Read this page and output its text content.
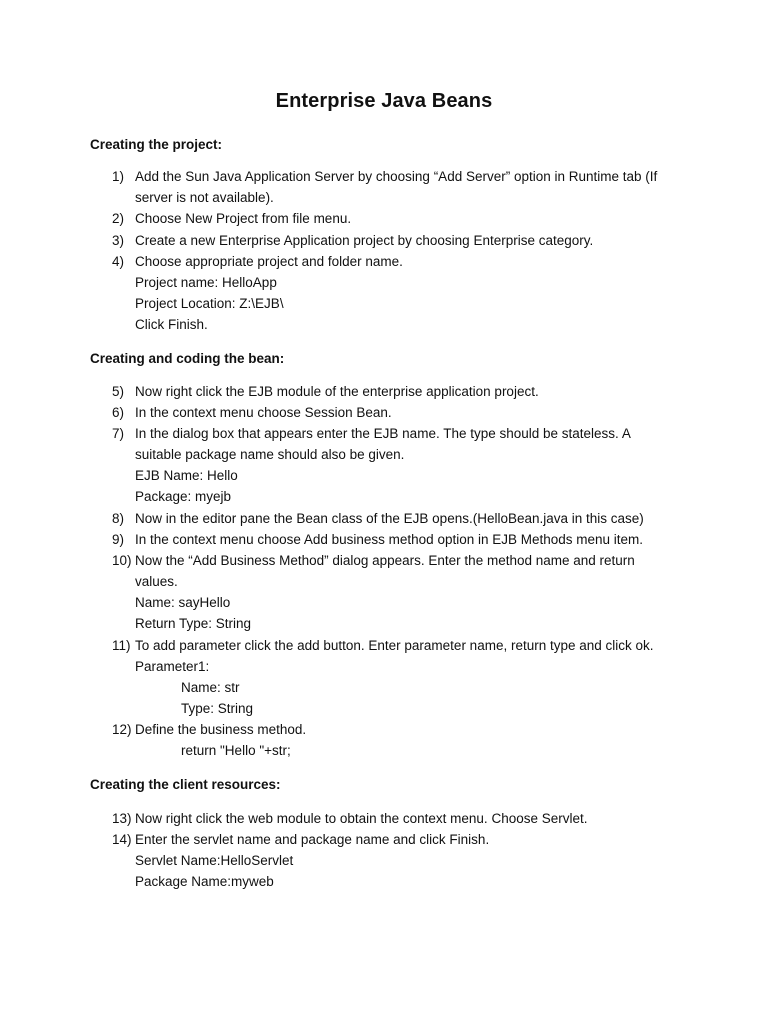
Enterprise Java Beans
Creating the project:
1) Add the Sun Java Application Server by choosing “Add Server” option in Runtime tab (If
server is not available).
2) Choose New Project from file menu.
3) Create a new Enterprise Application project by choosing Enterprise category.
4) Choose appropriate project and folder name.
Project name: HelloApp
Project Location: Z:\EJB\
Click Finish.
Creating and coding the bean:
5) Now right click the EJB module of the enterprise application project.
6) In the context menu choose Session Bean.
7) In the dialog box that appears enter the EJB name. The type should be stateless. A
suitable package name should also be given.
EJB Name: Hello
Package: myejb
8) Now in the editor pane the Bean class of the EJB opens.(HelloBean.java in this case)
9) In the context menu choose Add business method option in EJB Methods menu item.
10) Now the “Add Business Method” dialog appears. Enter the method name and return
values.
Name: sayHello
Return Type: String
11) To add parameter click the add button. Enter parameter name, return type and click ok.
Parameter1:
Name: str
Type: String
12) Define the business method.
return "Hello "+str;
Creating the client resources:
13) Now right click the web module to obtain the context menu. Choose Servlet.
14) Enter the servlet name and package name and click Finish.
Servlet Name:HelloServlet
Package Name:myweb
